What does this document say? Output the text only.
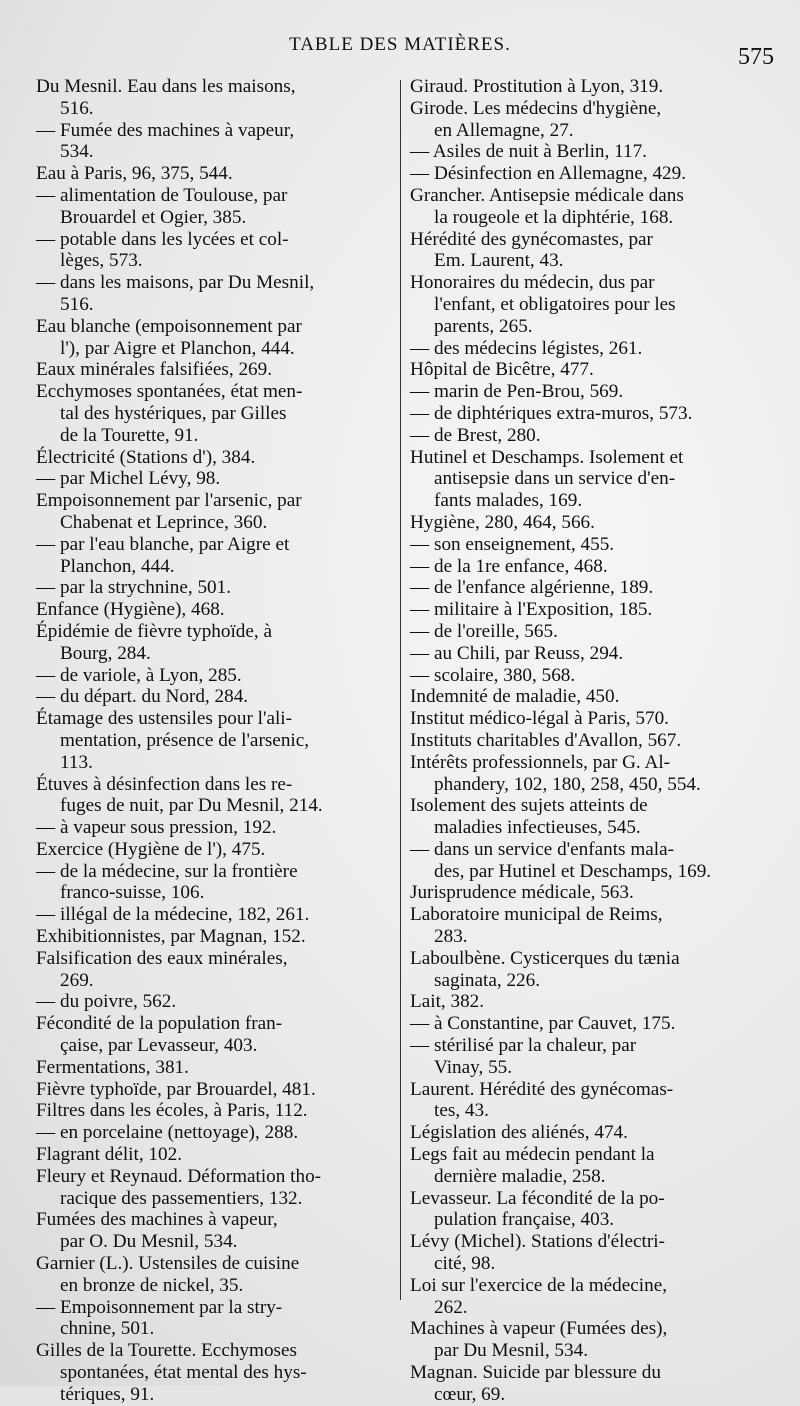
TABLE DES MATIÈRES.	575
Du Mesnil. Eau dans les maisons,
516.
— Fumée des machines à vapeur,
534.
Eau à Paris, 96, 375, 544.
— alimentation de Toulouse, par
Brouardel et Ogier, 385.
— potable dans les lycées et col-
lèges, 573.
— dans les maisons, par Du Mesnil,
516.
Eau blanche (empoisonnement par
l'), par Aigre et Planchon, 444.
Eaux minérales falsifiées, 269.
Ecchymoses spontanées, état men-
tal des hystériques, par Gilles
de la Tourette, 91.
Électricité (Stations d'), 384.
— par Michel Lévy, 98.
Empoisonnement par l'arsenic, par
Chabenat et Leprince, 360.
— par l'eau blanche, par Aigre et
Planchon, 444.
— par la strychnine, 501.
Enfance (Hygiène), 468.
Épidémie de fièvre typhoïde, à
Bourg, 284.
— de variole, à Lyon, 285.
— du départ. du Nord, 284.
Étamage des ustensiles pour l'ali-
mentation, présence de l'arsenic,
113.
Étuves à désinfection dans les re-
fuges de nuit, par Du Mesnil, 214.
— à vapeur sous pression, 192.
Exercice (Hygiène de l'), 475.
— de la médecine, sur la frontière
franco-suisse, 106.
— illégal de la médecine, 182, 261.
Exhibitionnistes, par Magnan, 152.
Falsification des eaux minérales,
269.
— du poivre, 562.
Fécondité de la population fran-
çaise, par Levasseur, 403.
Fermentations, 381.
Fièvre typhoïde, par Brouardel, 481.
Filtres dans les écoles, à Paris, 112.
— en porcelaine (nettoyage), 288.
Flagrant délit, 102.
Fleury et Reynaud. Déformation tho-
racique des passementiers, 132.
Fumées des machines à vapeur,
par O. Du Mesnil, 534.
Garnier (L.). Ustensiles de cuisine
en bronze de nickel, 35.
— Empoisonnement par la stry-
chnine, 501.
Gilles de la Tourette. Ecchymoses
spontanées, état mental des hys-
tériques, 91.
Giraud. Prostitution à Lyon, 319.
Girode. Les médecins d'hygiène,
en Allemagne, 27.
— Asiles de nuit à Berlin, 117.
— Désinfection en Allemagne, 429.
Grancher. Antisepsie médicale dans
la rougeole et la diphtérie, 168.
Hérédité des gynécomastes, par
Em. Laurent, 43.
Honoraires du médecin, dus par
l'enfant, et obligatoires pour les
parents, 265.
— des médecins légistes, 261.
Hôpital de Bicêtre, 477.
— marin de Pen-Brou, 569.
— de diphtériques extra-muros, 573.
— de Brest, 280.
Hutinel et Deschamps. Isolement et
antisepsie dans un service d'en-
fants malades, 169.
Hygiène, 280, 464, 566.
— son enseignement, 455.
— de la 1re enfance, 468.
— de l'enfance algérienne, 189.
— militaire à l'Exposition, 185.
— de l'oreille, 565.
— au Chili, par Reuss, 294.
— scolaire, 380, 568.
Indemnité de maladie, 450.
Institut médico-légal à Paris, 570.
Instituts charitables d'Avallon, 567.
Intérêts professionnels, par G. Al-
phandery, 102, 180, 258, 450, 554.
Isolement des sujets atteints de
maladies infectieuses, 545.
— dans un service d'enfants mala-
des, par Hutinel et Deschamps, 169.
Jurisprudence médicale, 563.
Laboratoire municipal de Reims,
283.
Laboulbène. Cysticerques du tænia
saginata, 226.
Lait, 382.
— à Constantine, par Cauvet, 175.
— stérilisé par la chaleur, par
Vinay, 55.
Laurent. Hérédité des gynécomas-
tes, 43.
Législation des aliénés, 474.
Legs fait au médecin pendant la
dernière maladie, 258.
Levasseur. La fécondité de la po-
pulation française, 403.
Lévy (Michel). Stations d'électri-
cité, 98.
Loi sur l'exercice de la médecine,
262.
Machines à vapeur (Fumées des),
par Du Mesnil, 534.
Magnan. Suicide par blessure du
cœur, 69.
